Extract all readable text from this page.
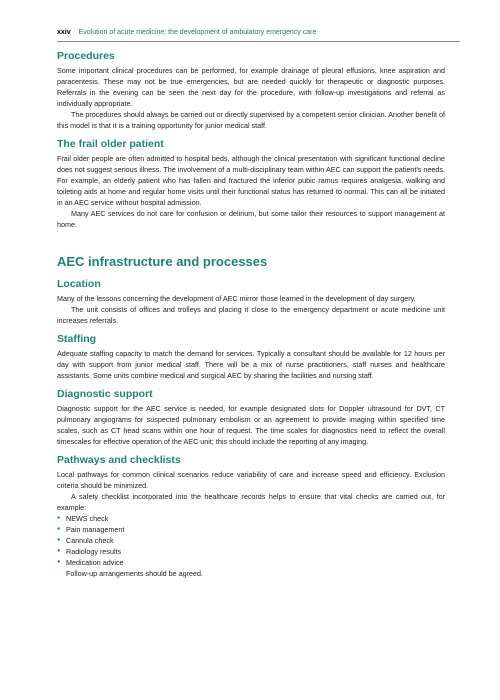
xxiv Evolution of acute medicine: the development of ambulatory emergency care
Procedures

Some important clinical procedures can be performed, for example drainage of pleural effusions, knee aspiration and paracentesis. These may not be true emergencies, but are needed quickly for therapeutic or diagnostic purposes. Referrals in the evening can be seen the next day for the procedure, with follow-up investigations and referral as individually appropriate.

The procedures should always be carried out or directly supervised by a competent senior clinician. Another benefit of this model is that it is a training opportunity for junior medical staff.

The frail older patient

Frail older people are often admitted to hospital beds, although the clinical presentation with significant functional decline does not suggest serious illness. The involvement of a multi-disciplinary team within AEC can support the patient's needs. For example, an elderly patient who has fallen and fractured the inferior pubic ramus requires analgesia, walking and toileting aids at home and regular home visits until their functional status has returned to normal. This can all be initiated in an AEC service without hospital admission.

Many AEC services do not care for confusion or delirium, but some tailor their resources to support management at home.

AEC infrastructure and processes
Location

Many of the lessons concerning the development of AEC mirror those learned in the development of day surgery.

The unit consists of offices and trolleys and placing it close to the emergency department or acute medicine unit increases referrals.

Staffing

Adequate staffing capacity to match the demand for services. Typically a consultant should be available for 12 hours per day with support from junior medical staff. There will be a mix of nurse practitioners, staff nurses and healthcare assistants. Some units combine medical and surgical AEC by sharing the facilities and nursing staff.

Diagnostic support

Diagnostic support for the AEC service is needed, for example designated slots for Doppler ultrasound for DVT, CT pulmonary angiograms for suspected pulmonary embolism or an agreement to provide imaging within specified time scales, such as CT head scans within one hour of request. The time scales for diagnostics need to reflect the overall timescales for effective operation of the AEC unit; this should include the reporting of any imaging.

Pathways and checklists

Local pathways for common clinical scenarios reduce variability of care and increase speed and efficiency. Exclusion criteria should be minimized.

A safety checklist incorporated into the healthcare records helps to ensure that vital checks are carried out, for example:

● NEWS check
● Pain management
● Cannula check
● Radiology results
● Medication advice

Follow-up arrangements should be agreed.
